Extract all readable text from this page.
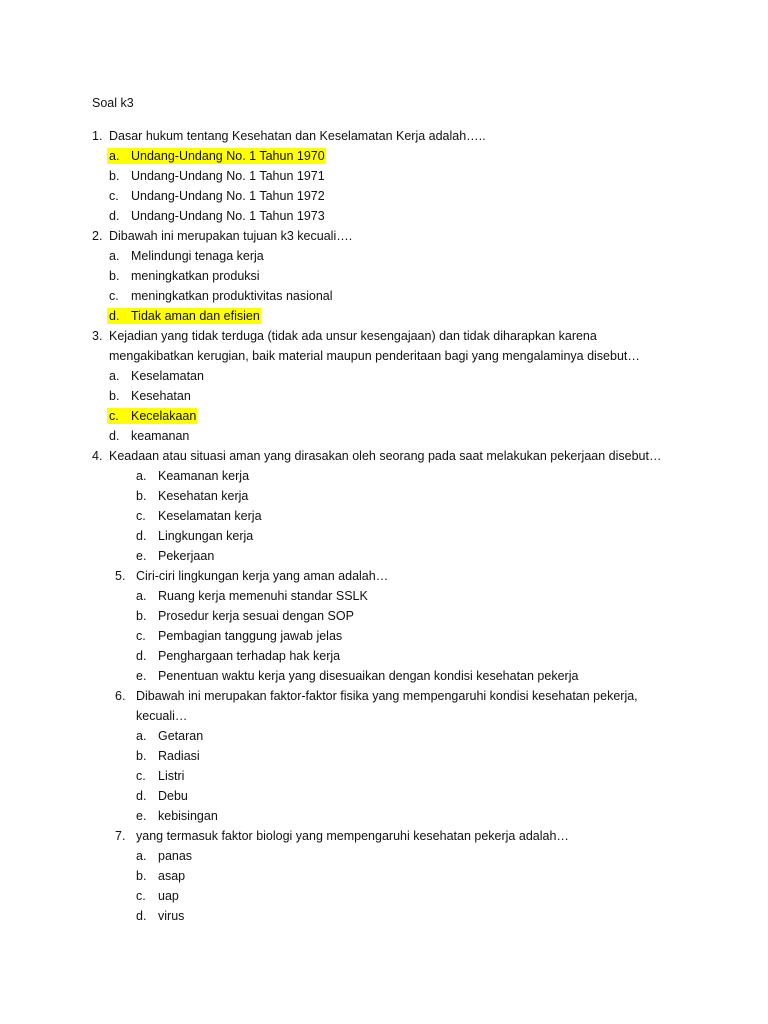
Soal k3
1. Dasar hukum tentang Kesehatan dan Keselamatan Kerja adalah…..
a. Undang-Undang No. 1 Tahun 1970
b. Undang-Undang No. 1 Tahun 1971
c. Undang-Undang No. 1 Tahun 1972
d. Undang-Undang No. 1 Tahun 1973
2. Dibawah ini merupakan tujuan k3 kecuali….
a. Melindungi tenaga kerja
b. meningkatkan produksi
c. meningkatkan produktivitas nasional
d. Tidak aman dan efisien
3. Kejadian yang tidak terduga (tidak ada unsur kesengajaan) dan tidak diharapkan karena
mengakibatkan kerugian, baik material maupun penderitaan bagi yang mengalaminya disebut…
a. Keselamatan
b. Kesehatan
c. Kecelakaan
d. keamanan
4. Keadaan atau situasi aman yang dirasakan oleh seorang pada saat melakukan pekerjaan disebut…
a. Keamanan kerja
b. Kesehatan kerja
c. Keselamatan kerja
d. Lingkungan kerja
e. Pekerjaan
5. Ciri-ciri lingkungan kerja yang aman adalah…
a. Ruang kerja memenuhi standar SSLK
b. Prosedur kerja sesuai dengan SOP
c. Pembagian tanggung jawab jelas
d. Penghargaan terhadap hak kerja
e. Penentuan waktu kerja yang disesuaikan dengan kondisi kesehatan pekerja
6. Dibawah ini merupakan faktor-faktor fisika yang mempengaruhi kondisi kesehatan pekerja,
kecuali…
a. Getaran
b. Radiasi
c. Listri
d. Debu
e. kebisingan
7. yang termasuk faktor biologi yang mempengaruhi kesehatan pekerja adalah…
a. panas
b. asap
c. uap
d. virus
